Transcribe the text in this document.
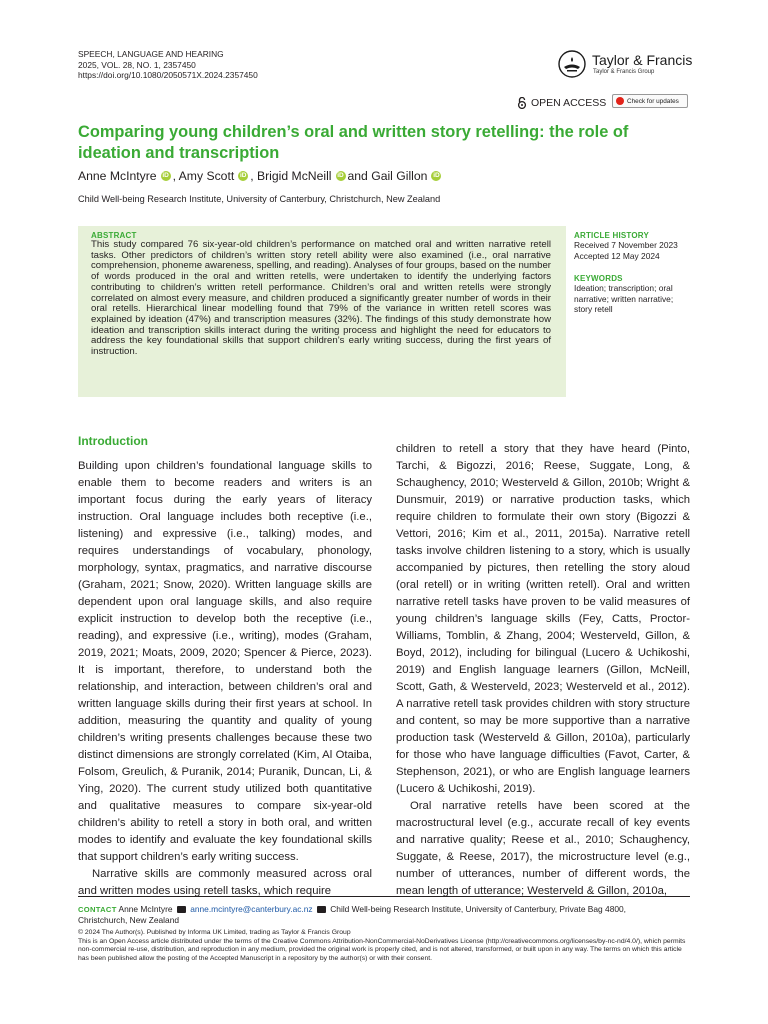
SPEECH, LANGUAGE AND HEARING
2025, VOL. 28, NO. 1, 2357450
https://doi.org/10.1080/2050571X.2024.2357450
Taylor & Francis
Taylor & Francis Group
OPEN ACCESS	Check for updates
Comparing young children’s oral and written story retelling: the role of
ideation and transcription
Anne McIntyre iD , Amy Scott iD , Brigid McNeill iD and Gail Gillon iD
Child Well-being Research Institute, University of Canterbury, Christchurch, New Zealand
ABSTRACT
This study compared 76 six-year-old children’s performance on matched oral and written narrative retell tasks. Other predictors of children’s written story retell ability were also examined (i.e., oral narrative comprehension, phoneme awareness, spelling, and reading). Analyses of four groups, based on the number of words produced in the oral and written retells, were undertaken to identify the underlying factors contributing to children’s written retell performance. Children’s oral and written retells were strongly correlated on almost every measure, and children produced a significantly greater number of words in their oral retells. Hierarchical linear modelling found that 79% of the variance in written retell scores was explained by ideation (47%) and transcription measures (32%). The findings of this study demonstrate how ideation and transcription skills interact during the writing process and highlight the need for educators to address the key foundational skills that support children’s early writing success, during the first years of instruction.
ARTICLE HISTORY
Received 7 November 2023
Accepted 12 May 2024
KEYWORDS
Ideation; transcription; oral
narrative; written narrative;
story retell
Introduction

Building upon children’s foundational language skills to enable them to become readers and writers is an important focus during the early years of literacy instruction. Oral language includes both receptive (i.e., listening) and expressive (i.e., talking) modes, and requires understandings of vocabulary, phonology, morphology, syntax, pragmatics, and narrative discourse (Graham, 2021; Snow, 2020). Written language skills are dependent upon oral language skills, and also require explicit instruction to develop both the receptive (i.e., reading), and expressive (i.e., writing), modes (Graham, 2019, 2021; Moats, 2009, 2020; Spencer & Pierce, 2023). It is important, therefore, to understand both the relationship, and interaction, between children’s oral and written language skills during their first years at school. In addition, measuring the quantity and quality of young children’s writing presents challenges because these two distinct dimensions are strongly correlated (Kim, Al Otaiba, Folsom, Greulich, & Puranik, 2014; Puranik, Duncan, Li, & Ying, 2020). The current study utilized both quantitative and qualitative measures to compare six-year-old children’s ability to retell a story in both oral, and written modes to identify and evaluate the key foundational skills that support children’s early writing success.

Narrative skills are commonly measured across oral and written modes using retell tasks, which require

children to retell a story that they have heard (Pinto, Tarchi, & Bigozzi, 2016; Reese, Suggate, Long, & Schaughency, 2010; Westerveld & Gillon, 2010b; Wright & Dunsmuir, 2019) or narrative production tasks, which require children to formulate their own story (Bigozzi & Vettori, 2016; Kim et al., 2011, 2015a). Narrative retell tasks involve children listening to a story, which is usually accompanied by pictures, then retelling the story aloud (oral retell) or in writing (written retell). Oral and written narrative retell tasks have proven to be valid measures of young children’s language skills (Fey, Catts, Proctor-Williams, Tomblin, & Zhang, 2004; Westerveld, Gillon, & Boyd, 2012), including for bilingual (Lucero & Uchikoshi, 2019) and English language learners (Gillon, McNeill, Scott, Gath, & Westerveld, 2023; Westerveld et al., 2012). A narrative retell task provides children with story structure and content, so may be more supportive than a narrative production task (Westerveld & Gillon, 2010a), particularly for those who have language difficulties (Favot, Carter, & Stephenson, 2021), or who are English language learners (Lucero & Uchikoshi, 2019).

Oral narrative retells have been scored at the macrostructural level (e.g., accurate recall of key events and narrative quality; Reese et al., 2010; Schaughency, Suggate, & Reese, 2017), the microstructure level (e.g., number of utterances, number of different words, the mean length of utterance; Westerveld & Gillon, 2010a,

CONTACT Anne McIntyre anne.mcintyre@canterbury.ac.nz Child Well-being Research Institute, University of Canterbury, Private Bag 4800,
Christchurch, New Zealand
© 2024 The Author(s). Published by Informa UK Limited, trading as Taylor & Francis Group
This is an Open Access article distributed under the terms of the Creative Commons Attribution-NonCommercial-NoDerivatives License (http://creativecommons.org/licenses/by-nc-nd/4.0/), which permits non-commercial re-use, distribution, and reproduction in any medium, provided the original work is properly cited, and is not altered, transformed, or built upon in any way. The terms on which this article has been published allow the posting of the Accepted Manuscript in a repository by the author(s) or with their consent.
